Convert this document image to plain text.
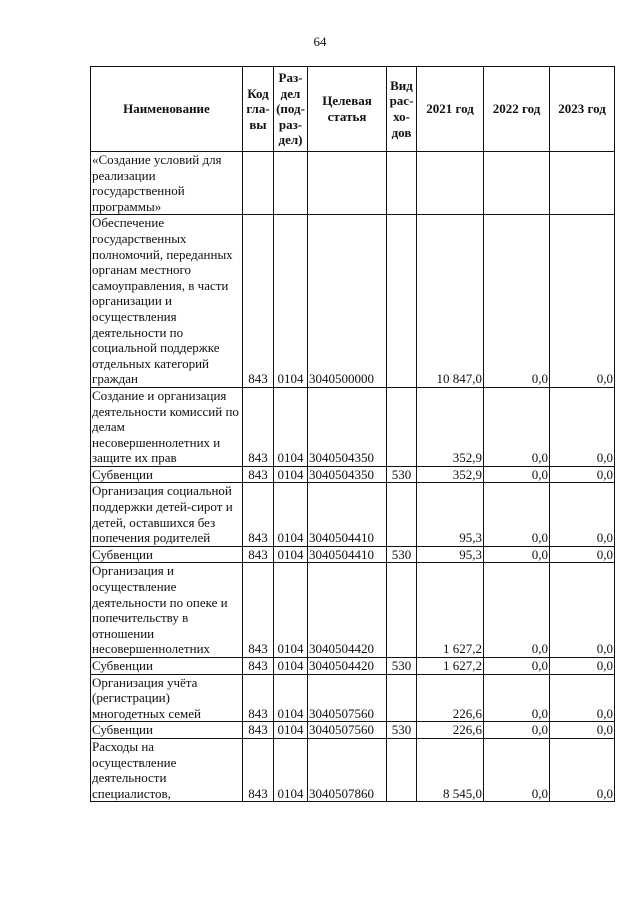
64
Наименование	Код гла-вы	Раз-дел (под-раз-дел)	Целевая статья	Вид рас-хо-дов	2021 год	2022 год	2023 год
«Создание условий для реализации государственной программы»							
Обеспечение государственных полномочий, переданных органам местного самоуправления, в части организации и осуществления деятельности по социальной поддержке отдельных категорий граждан	843	0104	3040500000		10 847,0	0,0	0,0
Создание и организация деятельности комиссий по делам несовершеннолетних и защите их прав	843	0104	3040504350		352,9	0,0	0,0
Субвенции	843	0104	3040504350	530	352,9	0,0	0,0
Организация социальной поддержки детей-сирот и детей, оставшихся без попечения родителей	843	0104	3040504410		95,3	0,0	0,0
Субвенции	843	0104	3040504410	530	95,3	0,0	0,0
Организация и осуществление деятельности по опеке и попечительству в отношении несовершеннолетних	843	0104	3040504420		1 627,2	0,0	0,0
Субвенции	843	0104	3040504420	530	1 627,2	0,0	0,0
Организация учёта (регистрации) многодетных семей	843	0104	3040507560		226,6	0,0	0,0
Субвенции	843	0104	3040507560	530	226,6	0,0	0,0
Расходы на осуществление деятельности специалистов,	843	0104	3040507860		8 545,0	0,0	0,0
